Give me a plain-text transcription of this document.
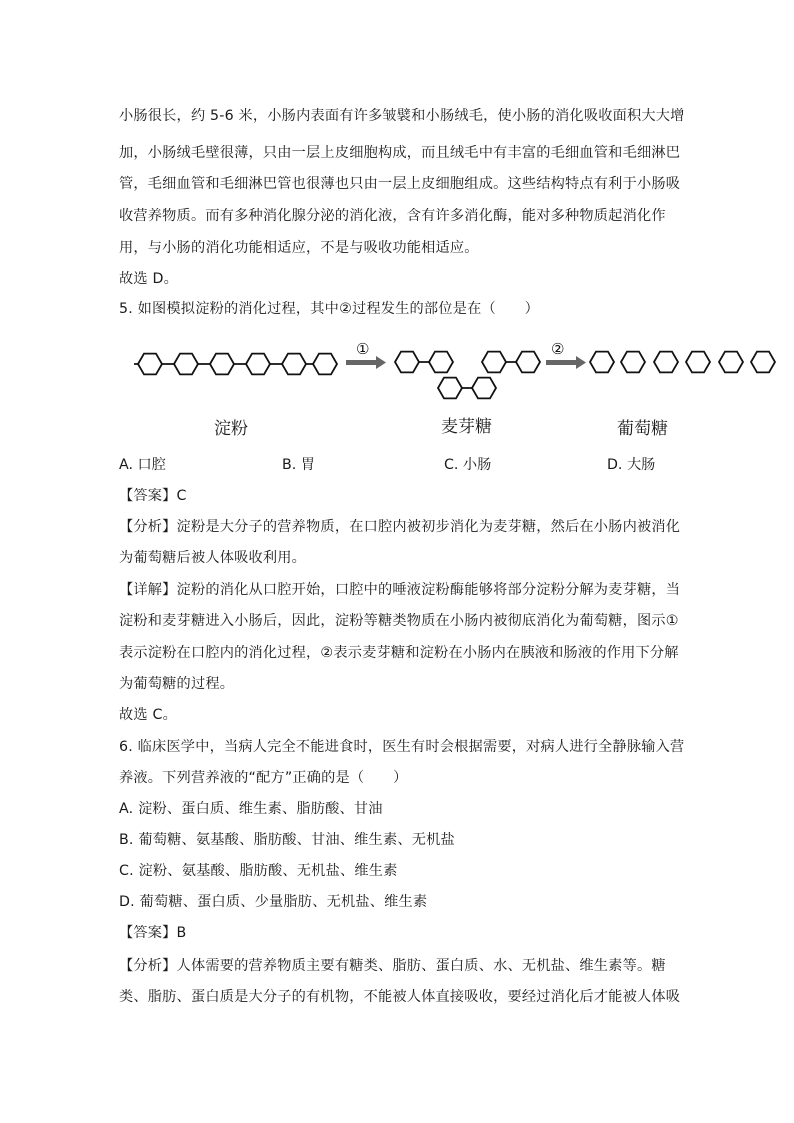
小肠很长，约 5-6 米，小肠内表面有许多皱襞和小肠绒毛，使小肠的消化吸收面积大大增
加，小肠绒毛壁很薄，只由一层上皮细胞构成，而且绒毛中有丰富的毛细血管和毛细淋巴
管，毛细血管和毛细淋巴管也很薄也只由一层上皮细胞组成。这些结构特点有利于小肠吸
收营养物质。而有多种消化腺分泌的消化液，含有许多消化酶，能对多种物质起消化作
用，与小肠的消化功能相适应，不是与吸收功能相适应。
故选 D。
5. 如图模拟淀粉的消化过程，其中②过程发生的部位是在（　　）
①	②
淀粉	麦芽糖	葡萄糖
A. 口腔	B. 胃	C. 小肠	D. 大肠
【答案】C
【分析】淀粉是大分子的营养物质，在口腔内被初步消化为麦芽糖，然后在小肠内被消化
为葡萄糖后被人体吸收利用。
【详解】淀粉的消化从口腔开始，口腔中的唾液淀粉酶能够将部分淀粉分解为麦芽糖，当
淀粉和麦芽糖进入小肠后，因此，淀粉等糖类物质在小肠内被彻底消化为葡萄糖，图示①
表示淀粉在口腔内的消化过程，②表示麦芽糖和淀粉在小肠内在胰液和肠液的作用下分解
为葡萄糖的过程。
故选 C。
6. 临床医学中，当病人完全不能进食时，医生有时会根据需要，对病人进行全静脉输入营
养液。下列营养液的“配方”正确的是（　　）
A. 淀粉、蛋白质、维生素、脂肪酸、甘油
B. 葡萄糖、氨基酸、脂肪酸、甘油、维生素、无机盐
C. 淀粉、氨基酸、脂肪酸、无机盐、维生素
D. 葡萄糖、蛋白质、少量脂肪、无机盐、维生素
【答案】B
【分析】人体需要的营养物质主要有糖类、脂肪、蛋白质、水、无机盐、维生素等。糖
类、脂肪、蛋白质是大分子的有机物，不能被人体直接吸收，要经过消化后才能被人体吸
